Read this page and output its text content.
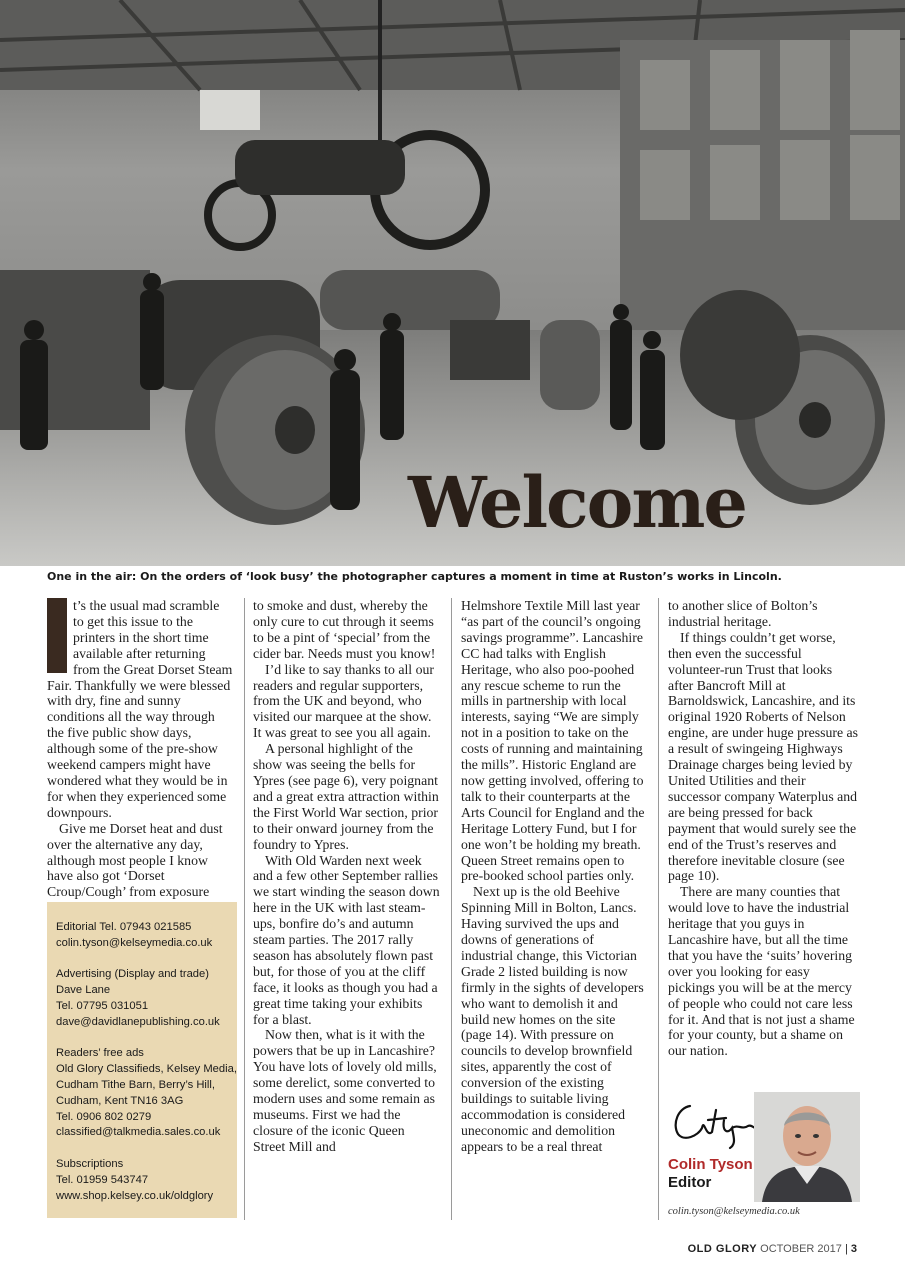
Welcome
One in the air: On the orders of ‘look busy’ the photographer captures a moment in time at Ruston’s works in Lincoln.

t’s the usual mad scramble to get this issue to the printers in the short time available after returning from the Great Dorset Steam Fair. Thankfully we were blessed with dry, fine and sunny conditions all the way through the five public show days, although some of the pre-show weekend campers might have wondered what they would be in for when they experienced some downpours.

Give me Dorset heat and dust over the alternative any day, although most people I know have also got ‘Dorset Croup/Cough’ from exposure

Editorial Tel. 07943 021585
colin.tyson@kelseymedia.co.uk
Advertising (Display and trade)
Dave Lane
Tel. 07795 031051
dave@davidlanepublishing.co.uk
Readers’ free ads
Old Glory Classifieds, Kelsey Media,
Cudham Tithe Barn, Berry’s Hill,
Cudham, Kent TN16 3AG
Tel. 0906 802 0279
classified@talkmedia.sales.co.uk
Subscriptions
Tel. 01959 543747
www.shop.kelsey.co.uk/oldglory

to smoke and dust, whereby the only cure to cut through it seems to be a pint of ‘special’ from the cider bar. Needs must you know!

I’d like to say thanks to all our readers and regular supporters, from the UK and beyond, who visited our marquee at the show. It was great to see you all again.

A personal highlight of the show was seeing the bells for Ypres (see page 6), very poignant and a great extra attraction within the First World War section, prior to their onward journey from the foundry to Ypres.

With Old Warden next week and a few other September rallies we start winding the season down here in the UK with last steam-ups, bonfire do’s and autumn steam parties. The 2017 rally season has absolutely flown past but, for those of you at the cliff face, it looks as though you had a great time taking your exhibits for a blast.

Now then, what is it with the powers that be up in Lancashire? You have lots of lovely old mills, some derelict, some converted to modern uses and some remain as museums. First we had the closure of the iconic Queen Street Mill and

Helmshore Textile Mill last year “as part of the council’s ongoing savings programme”. Lancashire CC had talks with English Heritage, who also poo-poohed any rescue scheme to run the mills in partnership with local interests, saying “We are simply not in a position to take on the costs of running and maintaining the mills”. Historic England are now getting involved, offering to talk to their counterparts at the Arts Council for England and the Heritage Lottery Fund, but I for one won’t be holding my breath. Queen Street remains open to pre-booked school parties only.

Next up is the old Beehive Spinning Mill in Bolton, Lancs. Having survived the ups and downs of generations of industrial change, this Victorian Grade 2 listed building is now firmly in the sights of developers who want to demolish it and build new homes on the site (page 14). With pressure on councils to develop brownfield sites, apparently the cost of conversion of the existing buildings to suitable living accommodation is considered uneconomic and demolition appears to be a real threat

to another slice of Bolton’s industrial heritage.

If things couldn’t get worse, then even the successful volunteer-run Trust that looks after Bancroft Mill at Barnoldswick, Lancashire, and its original 1920 Roberts of Nelson engine, are under huge pressure as a result of swingeing Highways Drainage charges being levied by United Utilities and their successor company Waterplus and are being pressed for back payment that would surely see the end of the Trust’s reserves and therefore inevitable closure (see page 10).

There are many counties that would love to have the industrial heritage that you guys in Lancashire have, but all the time that you have the ‘suits’ hovering over you looking for easy pickings you will be at the mercy of people who could not care less for it. And that is not just a shame for your county, but a shame on our nation.

Colin Tyson
Editor
colin.tyson@kelseymedia.co.uk
OLD GLORY OCTOBER 2017 | 3
